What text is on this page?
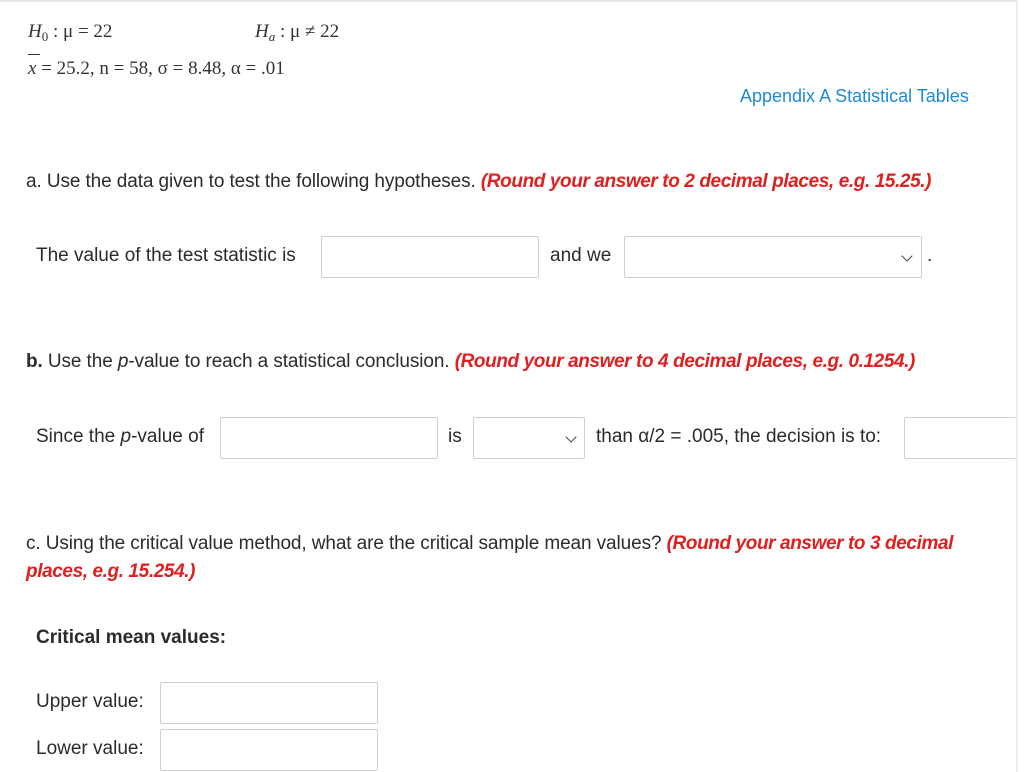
$H_0$ : μ = 22	$H_a$ : μ ≠ 22
x = 25.2, n = 58, σ = 8.48, α = .01
Appendix A Statistical Tables
a. Use the data given to test the following hypotheses. (Round your answer to 2 decimal places, e.g. 15.25.)
The value of the test statistic is	and we	.
b. Use the p-value to reach a statistical conclusion. (Round your answer to 4 decimal places, e.g. 0.1254.)
Since the p-value of	is	than α/2 = .005, the decision is to:
c. Using the critical value method, what are the critical sample mean values? (Round your answer to 3 decimal
places, e.g. 15.254.)
Critical mean values:
Upper value:
Lower value:
